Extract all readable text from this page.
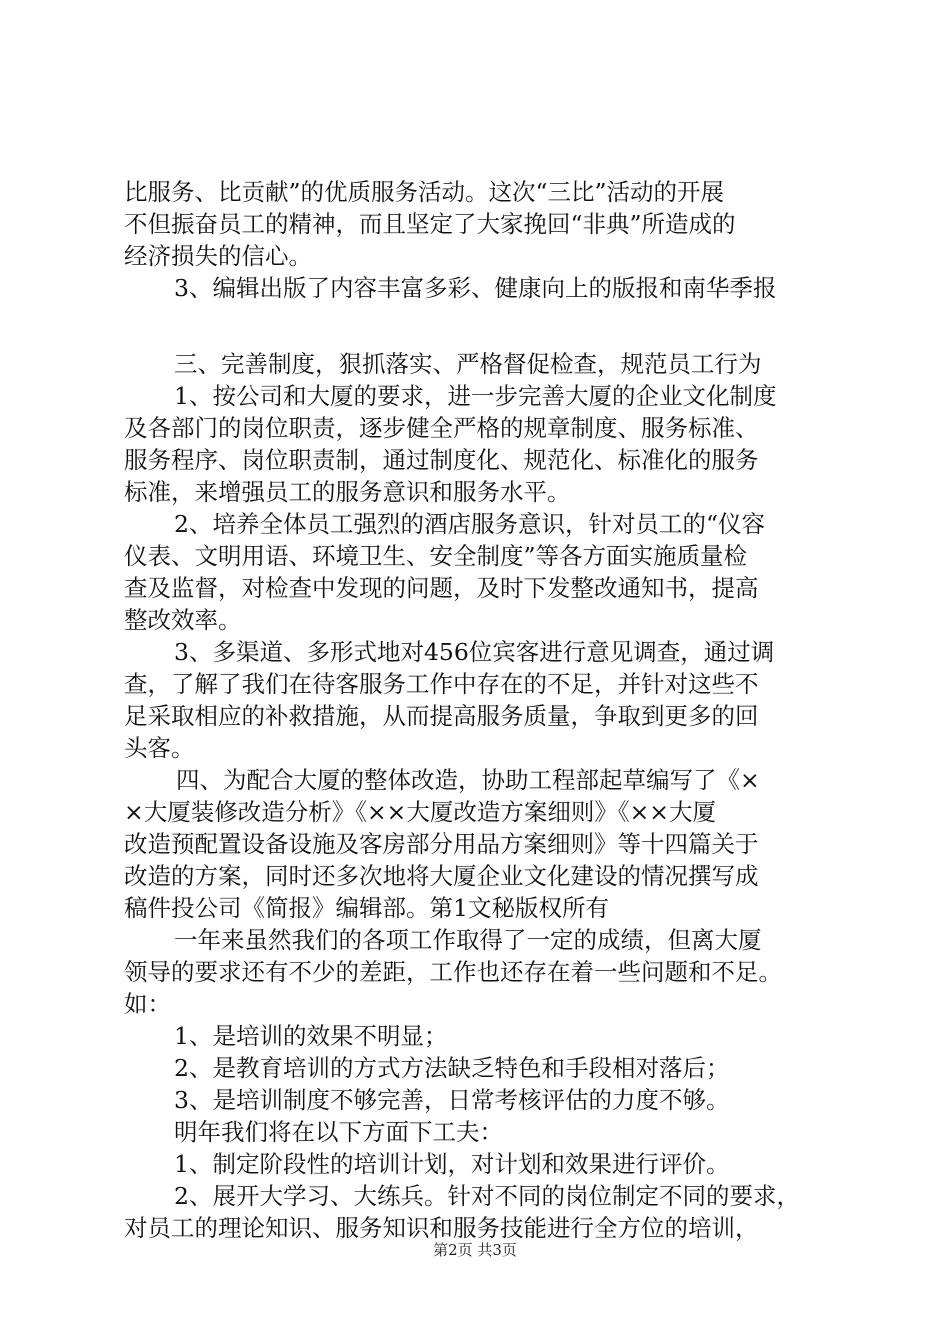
比服务、比贡献”的优质服务活动。这次“三比”活动的开展
不但振奋员工的精神，而且坚定了大家挽回“非典”所造成的
经济损失的信心。
3、编辑出版了内容丰富多彩、健康向上的版报和南华季报
三、完善制度，狠抓落实、严格督促检查，规范员工行为
1、按公司和大厦的要求，进一步完善大厦的企业文化制度
及各部门的岗位职责，逐步健全严格的规章制度、服务标准、
服务程序、岗位职责制，通过制度化、规范化、标准化的服务
标准，来增强员工的服务意识和服务水平。
2、培养全体员工强烈的酒店服务意识，针对员工的“仪容
仪表、文明用语、环境卫生、安全制度”等各方面实施质量检
查及监督，对检查中发现的问题，及时下发整改通知书，提高
整改效率。
3、多渠道、多形式地对456位宾客进行意见调查，通过调
查，了解了我们在待客服务工作中存在的不足，并针对这些不
足采取相应的补救措施，从而提高服务质量，争取到更多的回
头客。
四、为配合大厦的整体改造，协助工程部起草编写了《×
×大厦装修改造分析》《××大厦改造方案细则》《××大厦
改造预配置设备设施及客房部分用品方案细则》等十四篇关于
改造的方案，同时还多次地将大厦企业文化建设的情况撰写成
稿件投公司《简报》编辑部。第1文秘版权所有
一年来虽然我们的各项工作取得了一定的成绩，但离大厦
领导的要求还有不少的差距，工作也还存在着一些问题和不足。
如：
1、是培训的效果不明显；
2、是教育培训的方式方法缺乏特色和手段相对落后；
3、是培训制度不够完善，日常考核评估的力度不够。
明年我们将在以下方面下工夫：
1、制定阶段性的培训计划，对计划和效果进行评价。
2、展开大学习、大练兵。针对不同的岗位制定不同的要求，
对员工的理论知识、服务知识和服务技能进行全方位的培训，
第2页 共3页
